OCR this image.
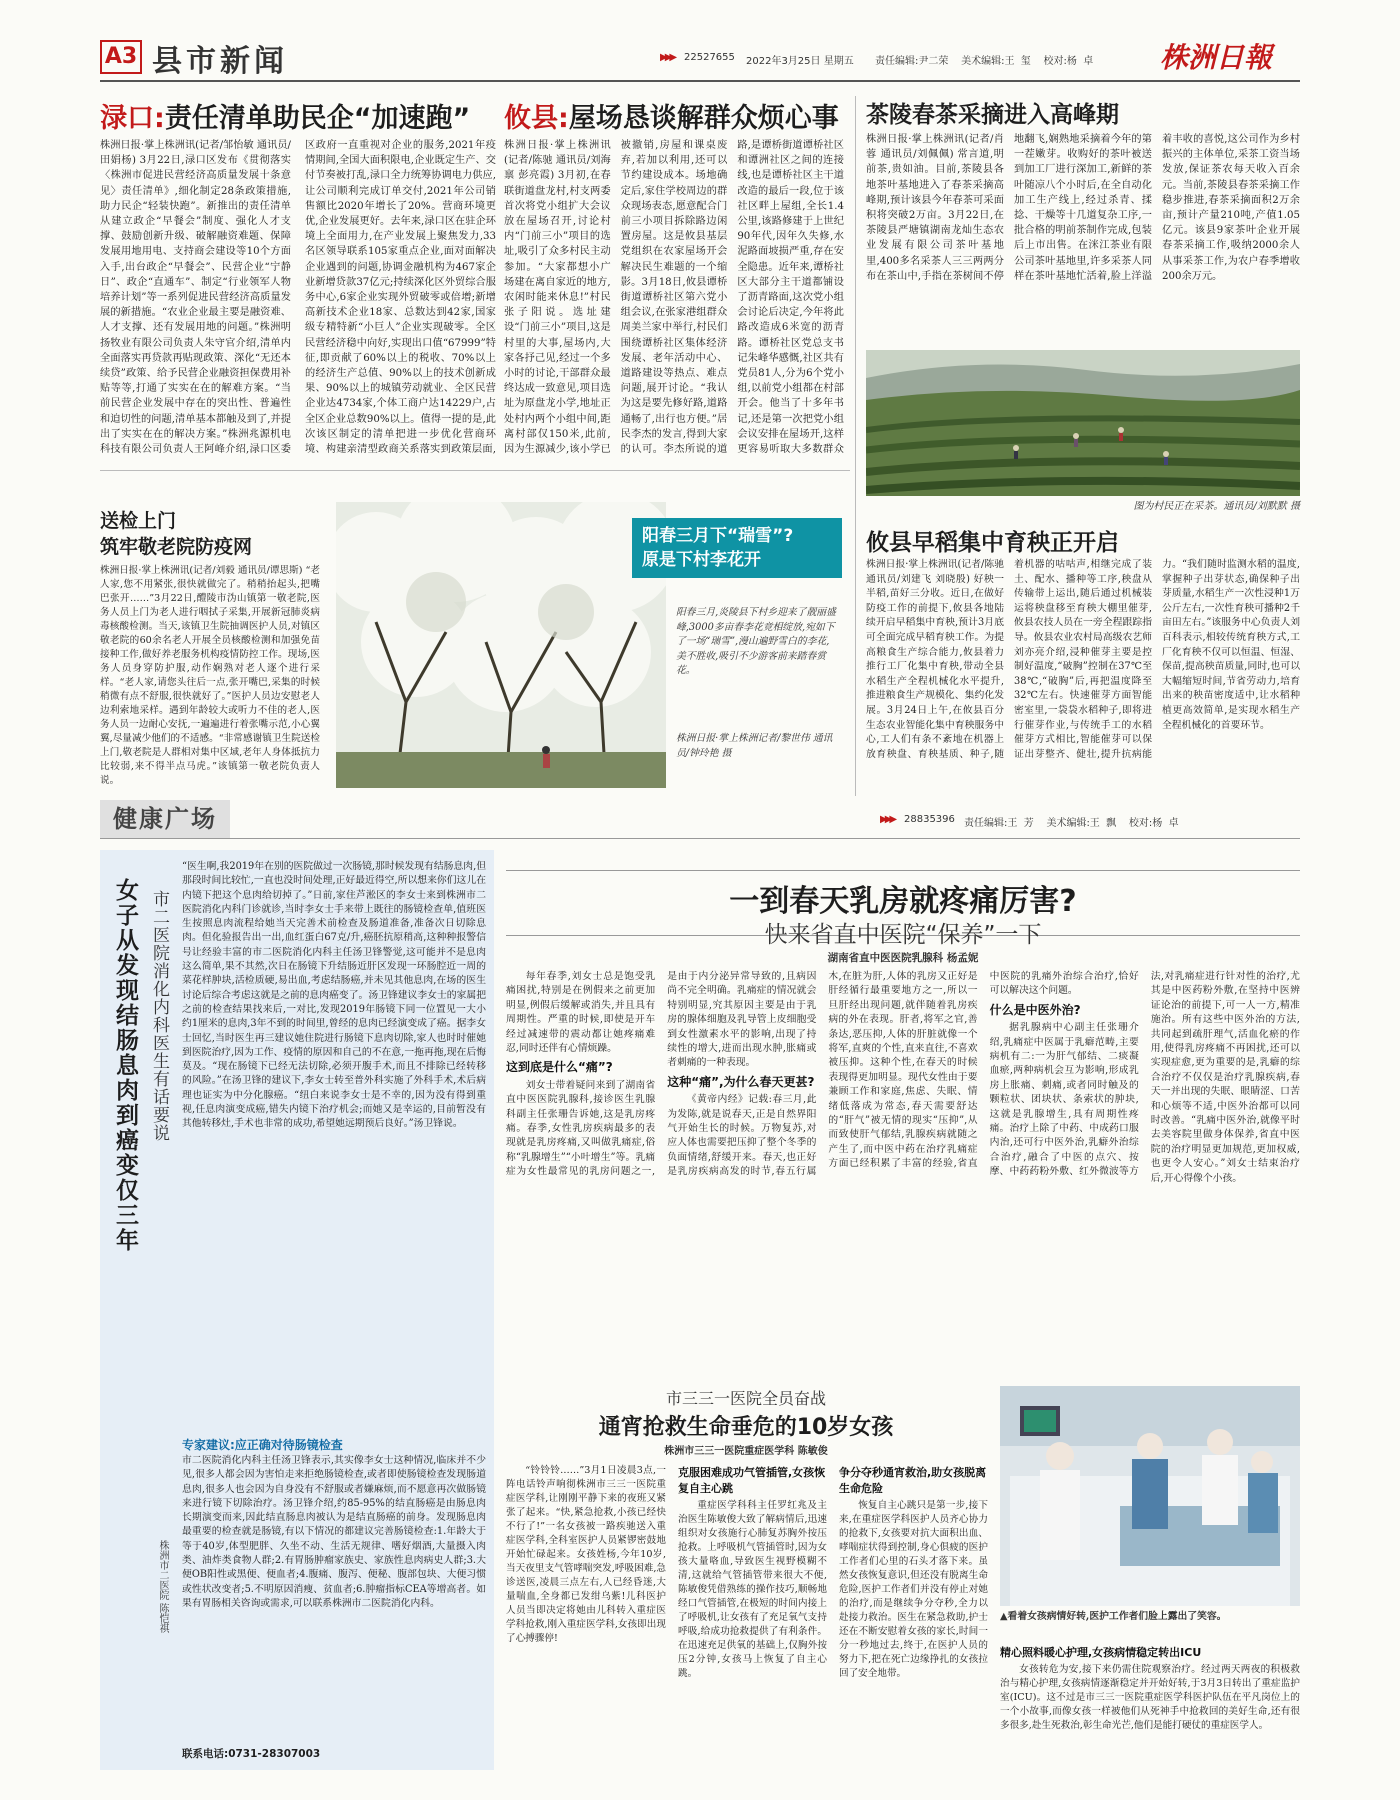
A3 县市新闻	▶▶▶ 22527655 2022年3月25日 星期五 责任编辑:尹二荣    美术编辑:王  玺    校对:杨  卓 株洲日報
渌口:责任清单助民企“加速跑”
株洲日报·掌上株洲讯(记者/邹怡敏 通讯员/田娟杨) 3月22日,渌口区发布《贯彻落实〈株洲市促进民营经济高质量发展十条意见〉责任清单》,细化制定28条政策措施,助力民企“轻装快跑”。新推出的责任清单从建立政企“早餐会”制度、强化人才支撑、鼓励创新升级、破解融资难题、保障发展用地用电、支持商会建设等10个方面入手,出台政企“早餐会”、民营企业“宁静日”、政企“直通车”、制定“行业领军人物培养计划”等一系列促进民营经济高质量发展的新措施。“农业企业最主要是融资难、人才支撑、还有发展用地的问题。”株洲明扬牧业有限公司负责人朱守官介绍,清单内全面落实再贷款再贴现政策、深化“无还本续贷”政策、给予民营企业融资担保费用补贴等等,打通了实实在在的解难方案。“当前民营企业发展中存在的突出性、普遍性和迫切性的问题,清单基本都触及到了,并提出了实实在在的解决方案。”株洲兆源机电科技有限公司负责人王阿峰介绍,渌口区委区政府一直重视对企业的服务,2021年疫情期间,全国大面积限电,企业既定生产、交付节奏被打乱,渌口全力统筹协调电力供应,让公司顺利完成订单交付,2021年公司销售额比2020年增长了20%。营商环境更优,企业发展更好。去年来,渌口区在驻企环境上全面用力,在产业发展上聚焦发力,33名区领导联系105家重点企业,面对面解决企业遇到的问题,协调金融机构为467家企业新增贷款37亿元;持续深化区外贸综合服务中心,6家企业实现外贸破零或倍增;新增高新技术企业18家、总数达到42家,国家级专精特新“小巨人”企业实现破零。全区民营经济稳中向好,实现出口值“67999”特征,即贡献了60%以上的税收、70%以上的经济生产总值、90%以上的技术创新成果、90%以上的城镇劳动就业、全区民营企业达4734家,个体工商户达14229户,占全区企业总数90%以上。值得一提的是,此次该区制定的清单把进一步优化营商环境、构建亲清型政商关系落实到政策层面,
攸县:屋场恳谈解群众烦心事
株洲日报·掌上株洲讯(记者/陈驰 通讯员/刘海禀 彭亮霞) 3月初,在春联街道盘龙村,村支两委首次将党小组扩大会议放在屋场召开,讨论村内“门前三小”项目的选址,吸引了众多村民主动参加。“大家都想小广场建在离自家近的地方,农闲时能来休息!”村民张子阳说。选址建设“门前三小”项目,这是村里的大事,屋场内,大家各抒己见,经过一个多小时的讨论,干部群众最终达成一致意见,项目选址为原盘龙小学,地址正处村内两个小组中间,距离村部仅150米,此前,因为生源减少,该小学已被撤销,房屋和课桌废弃,若加以利用,还可以节约建设成本。场地确定后,家住学校周边的群众现场表态,愿意配合门前三小项目拆除路边闲置房屋。这是攸县基层党组织在农家屋场开会解决民生难题的一个缩影。3月18日,攸县谭桥街道谭桥社区第六党小组会议,在张家港组群众周美兰家中举行,村民们围绕谭桥社区集体经济发展、老年活动中心、道路建设等热点、难点问题,展开讨论。“我认为这是要先修好路,道路通畅了,出行也方便。”居民李杰的发言,得到大家的认可。李杰所说的道路,是谭桥街道谭桥社区和谭洲社区之间的连接线,也是谭桥社区主干道改造的最后一段,位于该社区畔上屋组,全长1.4公里,该路修建于上世纪90年代,因年久失修,水泥路面坡损严重,存在安全隐患。近年来,谭桥社区大部分主干道都铺设了沥青路面,这次党小组会讨论后决定,今年将此路改造成6米宽的沥青路。谭桥社区党总支书记朱峰华感慨,社区共有党员81人,分为6个党小组,以前党小组都在村部开会。他当了十多年书记,还是第一次把党小组会议安排在屋场开,这样更容易听取大多数群众
茶陵春茶采摘进入高峰期
株洲日报·掌上株洲讯(记者/肖蓉 通讯员/刘佩佩) 常言道,明前茶,贵如油。目前,茶陵县各地茶叶基地进入了春茶采摘高峰期,预计该县今年春茶可采面积将突破2万亩。3月22日,在茶陵县严塘镇湖南龙灿生态农业发展有限公司茶叶基地里,400多名采茶人三三两两分布在茶山中,手指在茶树间不停地翻飞,娴熟地采摘着今年的第一茬嫩芽。收购好的茶叶被送到加工厂进行深加工,新鲜的茶叶随凉八个小时后,在全自动化加工生产线上,经过杀青、揉捻、干燥等十几道复杂工序,一批合格的明前茶制作完成,包装后上市出售。在洣江茶业有限公司茶叶基地里,许多采茶人同样在茶叶基地忙活着,脸上洋溢着丰收的喜悦,这公司作为乡村振兴的主体单位,采茶工资当场发放,保证茶农每天收入百余元。当前,茶陵县春茶采摘工作稳步推进,春茶采摘面积2万余亩,预计产量210吨,产值1.05亿元。该县9家茶叶企业开展春茶采摘工作,吸纳2000余人从事采茶工作,为农户春季增收200余万元。
图为村民正在采茶。通讯员/刘默默 摄
送检上门
筑牢敬老院防疫网
株洲日报·掌上株洲讯(记者/刘毅 通讯员/谭思斯) “老人家,您不用紧张,很快就做完了。稍稍抬起头,把嘴巴张开……”3月22日,醴陵市沩山镇第一敬老院,医务人员上门为老人进行咽拭子采集,开展新冠肺炎病毒核酸检测。当天,该镇卫生院抽调医护人员,对镇区敬老院的60余名老人开展全员核酸检测和加强免苗接种工作,做好养老服务机构疫情防控工作。现场,医务人员身穿防护服,动作娴熟对老人逐个进行采样。“老人家,请您头往后一点,张开嘴巴,采集的时候稍微有点不舒服,很快就好了。”医护人员边安慰老人边利索地采样。遇到年龄较大或听力不佳的老人,医务人员一边耐心安抚,一遍遍进行着张嘴示范,小心翼翼,尽量减少他们的不适感。“非常感谢镇卫生院送检上门,敬老院是人群相对集中区域,老年人身体抵抗力比较弱,来不得半点马虎。”该镇第一敬老院负责人说。
阳春三月下“瑞雪”?
原是下村李花开
阳春三月,炎陵县下村乡迎来了靓丽盛峰,3000多亩春李花竞相绽放,宛如下了一场“瑞雪”,漫山遍野雪白的李花,美不胜收,吸引不少游客前来踏春赏花。
株洲日报·掌上株洲记者/黎世伟 通讯员/钟玲艳 摄
攸县早稻集中育秧正开启
株洲日报·掌上株洲讯(记者/陈驰 通讯员/刘建飞 刘晓殷) 好秧一半稻,苗好三分收。近日,在做好防疫工作的前提下,攸县各地陆续开启早稻集中育秧,预计3月底可全面完成早稻育秧工作。为提高粮食生产综合能力,攸县着力推行工厂化集中育秧,带动全县水稻生产全程机械化水平提升,推进粮食生产规模化、集约化发展。3月24日上午,在攸县百分生态农业智能化集中育秧服务中心,工人们有条不紊地在机器上放育秧盘、育秧基质、种子,随着机器的咕咕声,相继完成了装土、配水、播种等工序,秧盘从传输带上运出,随后通过机械装运将秧盘移至育秧大棚里催芽,攸县农技人员在一旁全程跟踪指导。攸县农业农村局高级农艺师刘亦亮介绍,浸种催芽主要是控制好温度,“破胸”控制在37℃至38℃,“破胸”后,再把温度降至32℃左右。快速催芽方面智能密室里,一袋袋水稻种子,即将进行催芽作业,与传统手工的水稻催芽方式相比,智能催芽可以保证出芽整齐、健壮,提升抗病能力。“我们随时监测水稻的温度,掌握种子出芽状态,确保种子出芽质量,水稻生产一次性浸种1万公斤左右,一次性育秧可播种2千亩田左右。”该服务中心负责人刘百科表示,相较传统育秧方式,工厂化育秧不仅可以恒温、恒湿、保苗,提高秧苗质量,同时,也可以大幅缩短时间,节省劳动力,培育出来的秧苗密度适中,让水稻种植更高效简单,是实现水稻生产全程机械化的首要环节。
健康广场	▶▶▶ 28835396 责任编辑:王  芳    美术编辑:王  飘    校对:杨  卓
女子从发现结肠息肉到癌变仅三年 市二医院消化内科医生有话要说
株洲市二医院 陈恺祺
“医生啊,我2019年在别的医院做过一次肠镜,那时候发现有结肠息肉,但那段时间比较忙,一直也没时间处理,正好最近得空,所以想来你们这儿在内镜下把这个息肉给切掉了。”日前,家住芦淞区的李女士来到株洲市二医院消化内科门诊就诊,当时李女士手来带上既往的肠镜检查单,值班医生按照息肉流程给她当天完善术前检查及肠道准备,准备次日切除息肉。但化验报告出一出,血红蛋白67克/升,癌胚抗原稍高,这种种报警信号让经验丰富的市二医院消化内科主任汤卫锋警觉,这可能并不是息肉这么简单,果不其然,次日在肠镜下升结肠近肝区发现一环肠腔近一周的菜花样肿块,活检质硬,易出血,考虑结肠癌,并未见其他息肉,在场的医生讨论后综合考虑这就是之前的息肉癌变了。汤卫锋建议李女士的家属把之前的检查结果找来后,一对比,发现2019年肠镜下同一位置见一大小约1厘米的息肉,3年不到的时间里,曾经的息肉已经演变成了癌。据李女士回忆,当时医生再三建议她住院进行肠镜下息肉切除,家人也时时催她到医院治疗,因为工作、疫情的原因和自己的不在意,一拖再拖,现在后悔莫及。“现在肠镜下已经无法切除,必须开腹手术,而且不排除已经转移的风险。”在汤卫锋的建议下,李女士转至普外科实施了外科手术,术后病理也证实为中分化腺癌。“纽白来说李女士是不幸的,因为没有得到重视,任息肉演变成癌,错失内镜下治疗机会;而她又是幸运的,目前暂没有其他转移灶,手术也非常的成功,希望她远期预后良好。”汤卫锋说。
专家建议:应正确对待肠镜检查
市二医院消化内科主任汤卫锋表示,其实像李女士这种情况,临床并不少见,很多人都会因为害怕走来拒绝肠镜检查,或者即使肠镜检查发现肠道息肉,很多人也会因为自身没有不舒服或者嫌麻烦,而不愿意再次做肠镜来进行镜下切除治疗。汤卫锋介绍,约85-95%的结直肠癌是由肠息肉长期演变而来,因此结直肠息肉被认为是结直肠癌的前身。发现肠息肉最重要的检查就是肠镜,有以下情况的都建议完善肠镜检查:1.年龄大于等于40岁,体型肥胖、久坐不动、生活无规律、嗜好烟酒,大量摄入肉类、油炸类食物人群;2.有胃肠肿瘤家族史、家族性息肉病史人群;3.大便OB阳性或黑便、便血者;4.腹痛、腹泻、便秘、腹部包块、大便习惯或性状改变者;5.不明原因消瘦、贫血者;6.肿瘤指标CEA等增高者。如果有胃肠相关咨询或需求,可以联系株洲市二医院消化内科。
联系电话:0731-28307003
一到春天乳房就疼痛厉害?
快来省直中医院“保养”一下
湖南省直中医医院乳腺科 杨孟妮

每年春季,刘女士总是饱受乳痛困扰,特别是在例假来之前更加明显,例假后缓解或消失,并且具有周期性。严重的时候,即使是开车经过减速带的震动都让她疼痛难忍,同时还伴有心情烦躁。

这到底是什么“痛”?

刘女士带着疑问来到了湖南省直中医医院乳腺科,接诊医生乳腺科副主任张珊告诉她,这是乳房疼痛。春季,女性乳房疾病最多的表现就是乳房疼痛,又叫做乳痛症,俗称“乳腺增生”“小叶增生”等。乳痛症为女性最常见的乳房问题之一,是由于内分泌异常导致的,且病因尚不完全明确。乳痛症的情况就会特别明显,究其原因主要是由于乳房的腺体细胞及乳导管上皮细胞受到女性激素水平的影响,出现了持续性的增大,进而出现水肿,胀痛或者刺痛的一种表现。

这种“痛”,为什么春天更甚?

《黄帝内经》记载:春三月,此为发陈,就是说春天,正是自然界阳气开始生长的时候。万物复苏,对应人体也需要把压抑了整个冬季的负面情绪,舒缓开来。春天,也正好是乳房疾病高发的时节,春五行属木,在脏为肝,人体的乳房又正好是肝经循行最重要地方之一,所以一旦肝经出现问题,就伴随着乳房疾病的外在表现。肝者,将军之官,善条达,恶压抑,人体的肝脏就像一个将军,直爽的个性,直来直往,不喜欢被压抑。这种个性,在春天的时候表现得更加明显。现代女性由于要兼顾工作和家庭,焦虑、失眠、情绪低落成为常态,春天需要舒达的“肝气”被无情的现实“压抑”,从而致使肝气郁结,乳腺疾病就随之产生了,而中医中药在治疗乳痛症方面已经积累了丰富的经验,省直中医院的乳痛外治综合治疗,恰好可以解决这个问题。

什么是中医外治?

据乳腺病中心副主任张珊介绍,乳痛症中医属于乳癖范畴,主要病机有二:一为肝气郁结、二痰凝血瘀,两种病机会互为影响,形成乳房上胀痛、刺痛,或者同时触及的颗粒状、团块状、条索状的肿块,这就是乳腺增生,具有周期性疼痛。治疗上除了中药、中成药口服内治,还可行中医外治,乳癖外治综合治疗,融合了中医的点穴、按摩、中药药粉外敷、红外微波等方法,对乳痛症进行针对性的治疗,尤其是中医药粉外敷,在坚持中医辨证论治的前提下,可一人一方,精准施治。所有这些中医外治的方法,共同起到疏肝理气,活血化瘀的作用,使得乳房疼痛不再困扰,还可以实现症愈,更为重要的是,乳癖的综合治疗不仅仅是治疗乳腺疾病,春天一并出现的失眠、眼睛涩、口苦和心烦等不适,中医外治都可以同时改善。“乳痛中医外治,就像平时去美容院里做身体保养,省直中医院的治疗明显更加规范,更加权威,也更令人安心。”刘女士结束治疗后,开心得像个小孩。

市三三一医院全员奋战
通宵抢救生命垂危的10岁女孩
株洲市三三一医院重症医学科 陈敏俊

“铃铃铃……”3月1日凌晨3点,一阵电话铃声响彻株洲市三三一医院重症医学科,让刚刚平静下来的夜班又紧张了起来。“快,紧急抢救,小孩已经快不行了!”一名女孩被一路疾驰送入重症医学科,全科室医护人员紧锣密鼓地开始忙碌起来。女孩姓杨,今年10岁,当天夜里支气管哮喘突发,呼吸困难,急诊送医,凌晨三点左右,人已经昏迷,大量喘血,全身都已发绀乌紫!儿科医护人员当即决定将她由儿科转入重症医学科抢救,刚入重症医学科,女孩即出现了心搏骤停!

克服困难成功气管插管,女孩恢复自主心跳

重症医学科科主任罗红兆及主治医生陈敏俊大致了解病情后,迅速组织对女孩施行心肺复苏胸外按压抢救。上呼吸机气管插管时,因为女孩大量咯血,导致医生视野模糊不清,这就给气管插管带来很大不便,陈敏俊凭借熟练的操作技巧,顺畅地经口气管插管,在极短的时间内接上了呼吸机,让女孩有了充足氧气支持呼吸,给成功抢救提供了有利条件。在迅速充足供氧的基础上,仅胸外按压2分钟,女孩马上恢复了自主心跳。

争分夺秒通宵救治,助女孩脱离生命危险

恢复自主心跳只是第一步,接下来,在重症医学科医护人员齐心协力的抢救下,女孩要对抗大面积出血、哮喘症状得到控制,身心俱疲的医护工作者们心里的石头才落下来。虽然女孩恢复意识,但还没有脱离生命危险,医护工作者们并没有停止对她的治疗,而是继续争分夺秒,全力以赴接力救治。医生在紧急救助,护士还在不断安慰着女孩的家长,时间一分一秒地过去,终于,在医护人员的努力下,把在死亡边缘挣扎的女孩拉回了安全地带。

精心照料暖心护理,女孩病情稳定转出ICU

女孩转危为安,接下来仍需住院观察治疗。经过两天两夜的积极救治与精心护理,女孩病情逐渐稳定并开始好转,于3月3日转出了重症监护室(ICU)。这不过是市三三一医院重症医学科医护队伍在平凡岗位上的一个小故事,而像女孩一样被他们从死神手中抢救回的美好生命,还有很多很多,赴生死救治,彰生命光芒,他们是能打硬仗的重症医学人。

▲看着女孩病情好转,医护工作者们脸上露出了笑容。
